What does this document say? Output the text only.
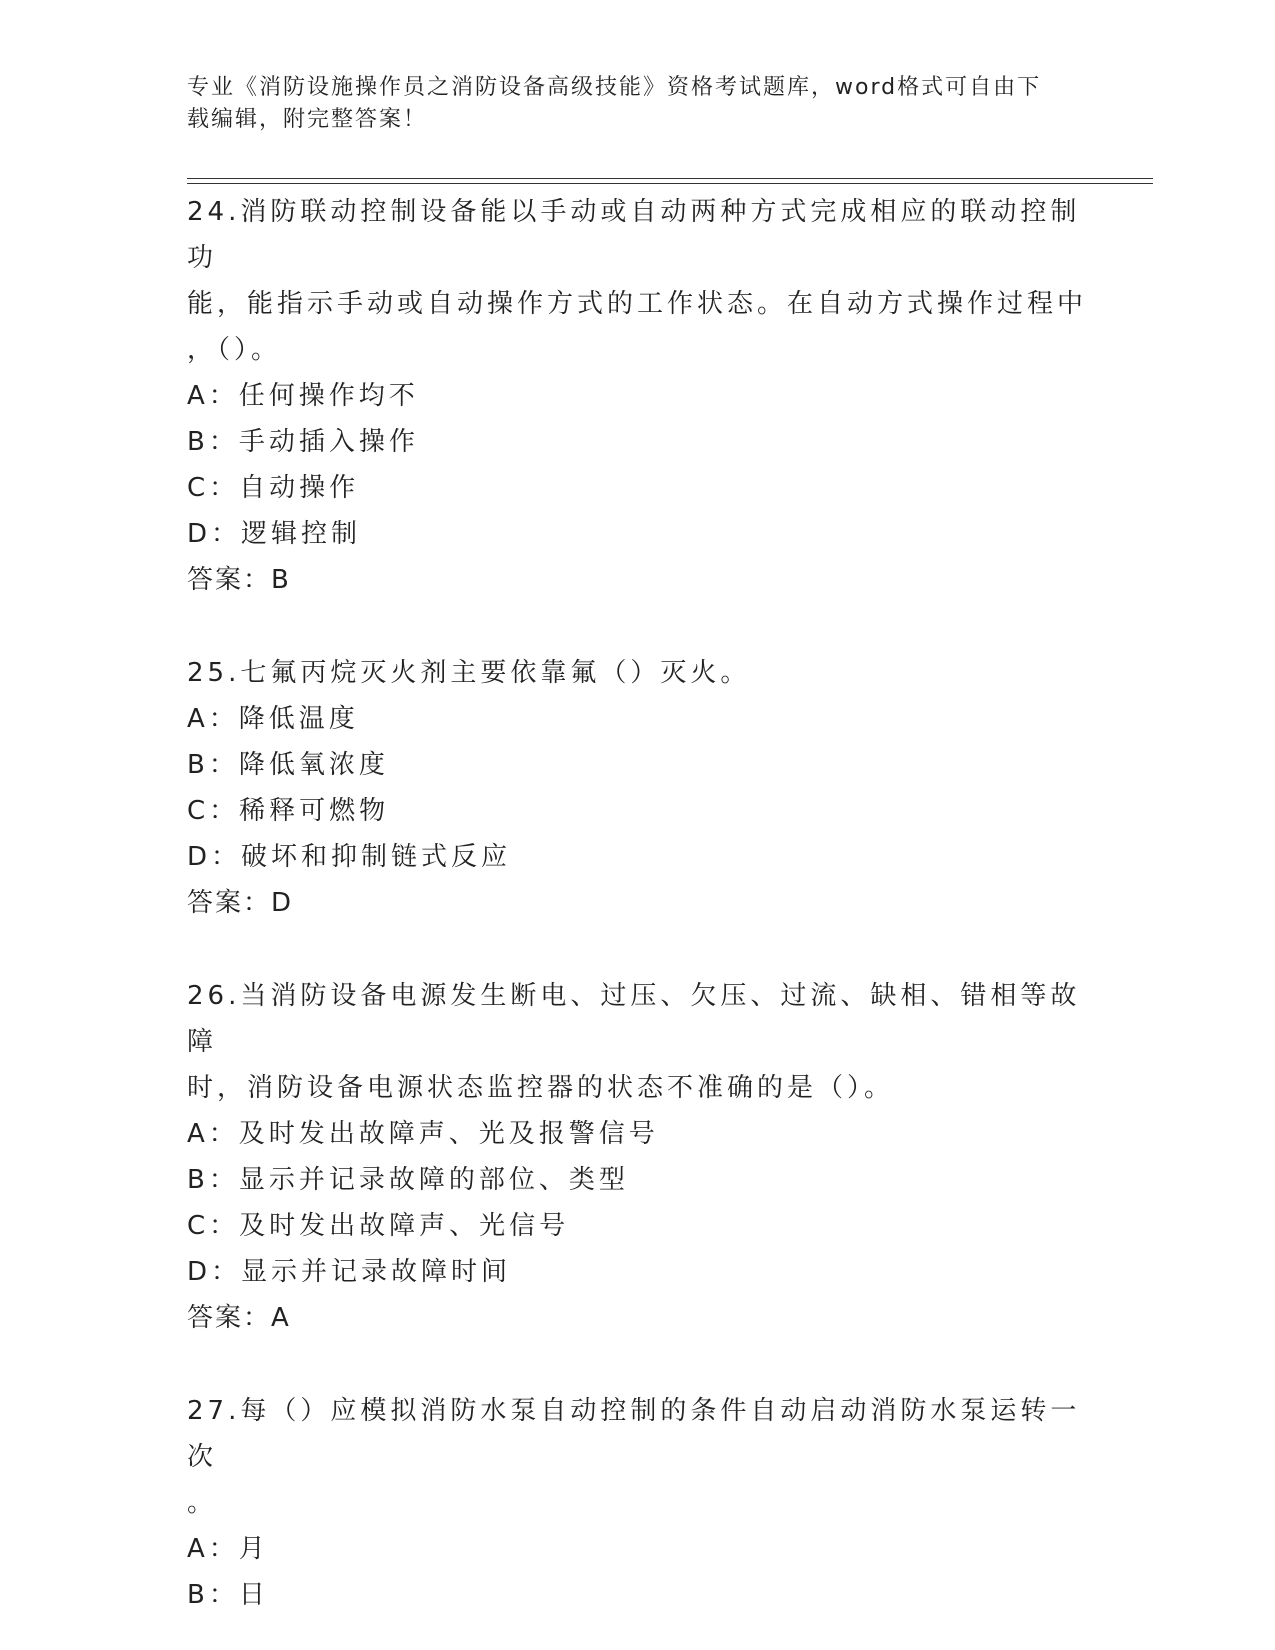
专业《消防设施操作员之消防设备高级技能》资格考试题库，word格式可自由下
载编辑，附完整答案！
24.消防联动控制设备能以手动或自动两种方式完成相应的联动控制功
能，能指示手动或自动操作方式的工作状态。在自动方式操作过程中
，（）。
A：任何操作均不
B：手动插入操作
C：自动操作
D：逻辑控制
答案：B
25.七氟丙烷灭火剂主要依靠氟（）灭火。
A：降低温度
B：降低氧浓度
C：稀释可燃物
D：破坏和抑制链式反应
答案：D
26.当消防设备电源发生断电、过压、欠压、过流、缺相、错相等故障
时，消防设备电源状态监控器的状态不准确的是（）。
A：及时发出故障声、光及报警信号
B：显示并记录故障的部位、类型
C：及时发出故障声、光信号
D：显示并记录故障时间
答案：A
27.每（）应模拟消防水泵自动控制的条件自动启动消防水泵运转一次
。
A：月
B：日
